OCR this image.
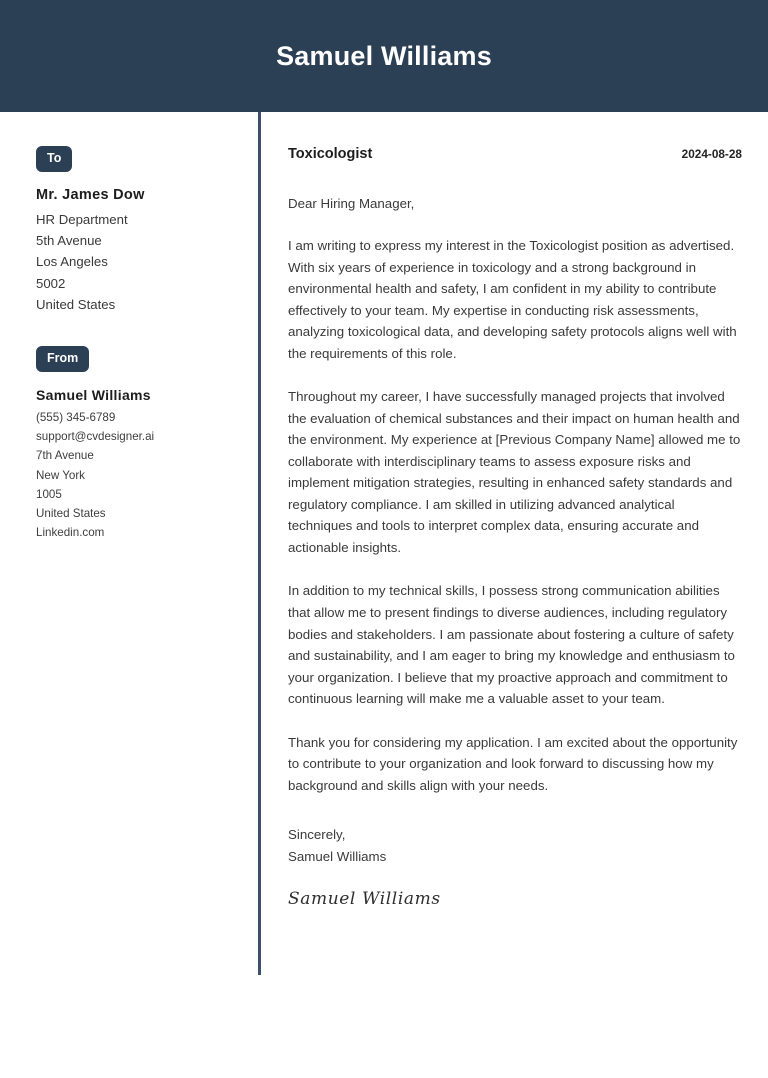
Samuel Williams
To
Mr. James Dow
HR Department
5th Avenue
Los Angeles
5002
United States
From
Samuel Williams
(555) 345-6789
support@cvdesigner.ai
7th Avenue
New York
1005
United States
Linkedin.com
Toxicologist	2024-08-28

Dear Hiring Manager,

I am writing to express my interest in the Toxicologist position as advertised. With six years of experience in toxicology and a strong background in environmental health and safety, I am confident in my ability to contribute effectively to your team. My expertise in conducting risk assessments, analyzing toxicological data, and developing safety protocols aligns well with the requirements of this role.

Throughout my career, I have successfully managed projects that involved the evaluation of chemical substances and their impact on human health and the environment. My experience at [Previous Company Name] allowed me to collaborate with interdisciplinary teams to assess exposure risks and implement mitigation strategies, resulting in enhanced safety standards and regulatory compliance. I am skilled in utilizing advanced analytical techniques and tools to interpret complex data, ensuring accurate and actionable insights.

In addition to my technical skills, I possess strong communication abilities that allow me to present findings to diverse audiences, including regulatory bodies and stakeholders. I am passionate about fostering a culture of safety and sustainability, and I am eager to bring my knowledge and enthusiasm to your organization. I believe that my proactive approach and commitment to continuous learning will make me a valuable asset to your team.

Thank you for considering my application. I am excited about the opportunity to contribute to your organization and look forward to discussing how my background and skills align with your needs.

Sincerely,
Samuel Williams
Samuel Williams
